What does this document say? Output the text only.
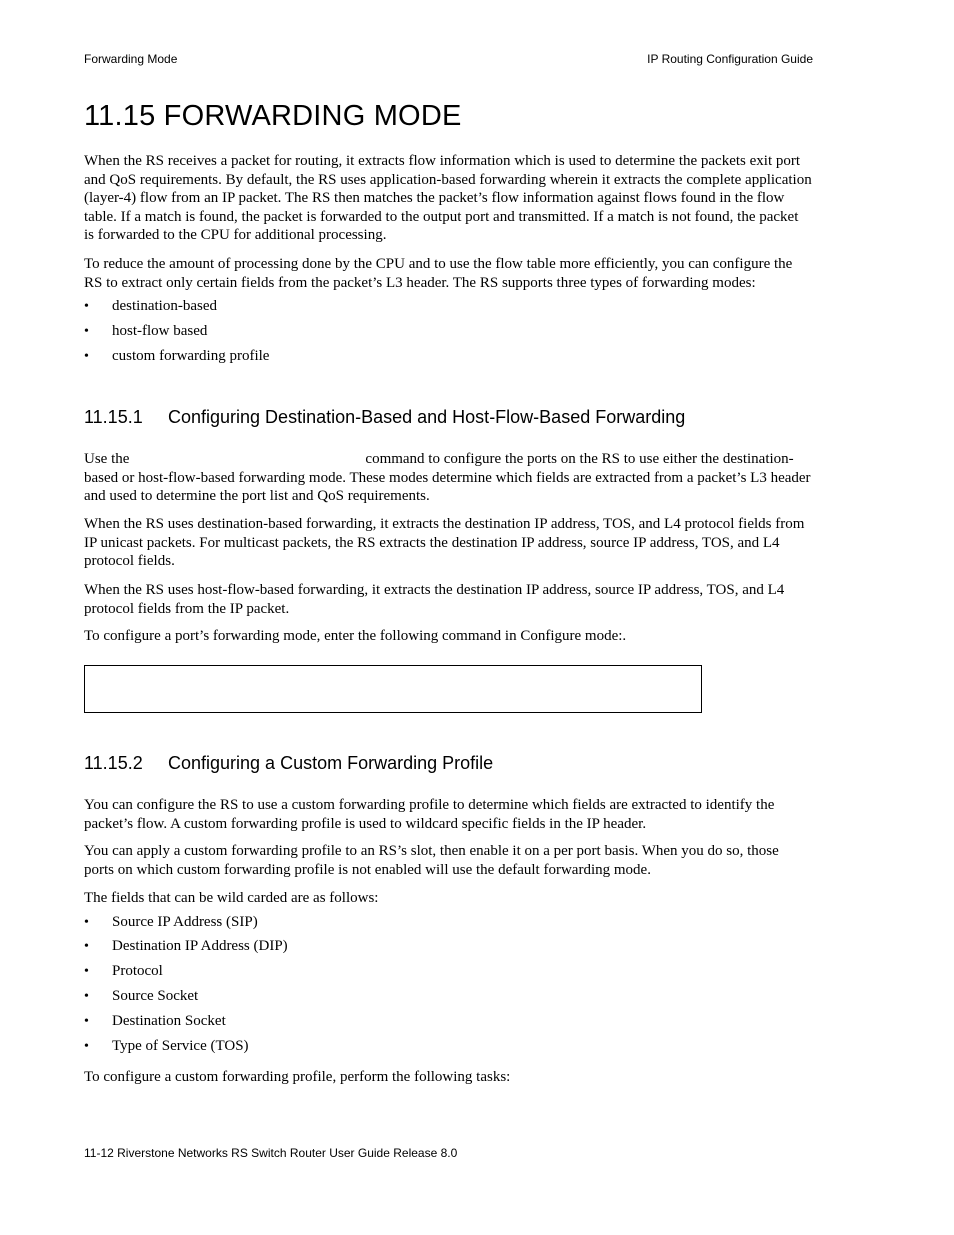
Forwarding Mode	IP Routing Configuration Guide
11.15 FORWARDING MODE

When the RS receives a packet for routing, it extracts flow information which is used to determine the packets exit port and QoS requirements. By default, the RS uses application-based forwarding wherein it extracts the complete application (layer-4) flow from an IP packet. The RS then matches the packet’s flow information against flows found in the flow table. If a match is found, the packet is forwarded to the output port and transmitted. If a match is not found, the packet is forwarded to the CPU for additional processing.

To reduce the amount of processing done by the CPU and to use the flow table more efficiently, you can configure the RS to extract only certain fields from the packet’s L3 header. The RS supports three types of forwarding modes:

• destination-based

• host-flow based

• custom forwarding profile

11.15.1 Configuring Destination-Based and Host-Flow-Based Forwarding

Use the	command to configure the ports on the RS to use either the destination-based or host-flow-based forwarding mode. These modes determine which fields are extracted from a packet’s L3 header and used to determine the port list and QoS requirements.

When the RS uses destination-based forwarding, it extracts the destination IP address, TOS, and L4 protocol fields from IP unicast packets. For multicast packets, the RS extracts the destination IP address, source IP address, TOS, and L4 protocol fields.

When the RS uses host-flow-based forwarding, it extracts the destination IP address, source IP address, TOS, and L4 protocol fields from the IP packet.

To configure a port’s forwarding mode, enter the following command in Configure mode:.

11.15.2 Configuring a Custom Forwarding Profile

You can configure the RS to use a custom forwarding profile to determine which fields are extracted to identify the packet’s flow. A custom forwarding profile is used to wildcard specific fields in the IP header.

You can apply a custom forwarding profile to an RS’s slot, then enable it on a per port basis. When you do so, those ports on which custom forwarding profile is not enabled will use the default forwarding mode.

The fields that can be wild carded are as follows:

• Source IP Address (SIP)

• Destination IP Address (DIP)

• Protocol

• Source Socket

• Destination Socket

• Type of Service (TOS)

To configure a custom forwarding profile, perform the following tasks:

11-12 Riverstone Networks RS Switch Router User Guide Release 8.0
